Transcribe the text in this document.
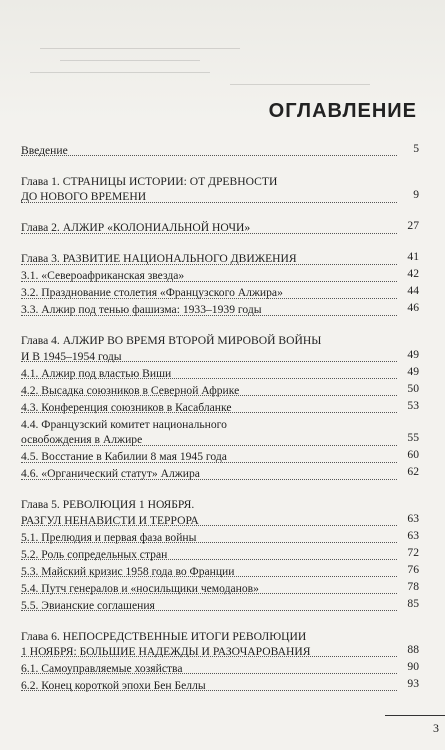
ОГЛАВЛЕНИЕ
Введение	5
Глава 1. СТРАНИЦЫ ИСТОРИИ: ОТ ДРЕВНОСТИ
ДО НОВОГО ВРЕМЕНИ	9
Глава 2. АЛЖИР «КОЛОНИАЛЬНОЙ НОЧИ»	27
Глава 3. РАЗВИТИЕ НАЦИОНАЛЬНОГО ДВИЖЕНИЯ	41
3.1. «Североафриканская звезда»	42
3.2. Празднование столетия «Французского Алжира»	44
3.3. Алжир под тенью фашизма: 1933–1939 годы	46
Глава 4. АЛЖИР ВО ВРЕМЯ ВТОРОЙ МИРОВОЙ ВОЙНЫ
И В 1945–1954 годы	49
4.1. Алжир под властью Виши	49
4.2. Высадка союзников в Северной Африке	50
4.3. Конференция союзников в Касабланке	53
4.4. Французский комитет национального
освобождения в Алжире	55
4.5. Восстание в Кабилии 8 мая 1945 года	60
4.6. «Органический статут» Алжира	62
Глава 5. РЕВОЛЮЦИЯ 1 НОЯБРЯ.
РАЗГУЛ НЕНАВИСТИ И ТЕРРОРА	63
5.1. Прелюдия и первая фаза войны	63
5.2. Роль сопредельных стран	72
5.3. Майский кризис 1958 года во Франции	76
5.4. Путч генералов и «носильщики чемоданов»	78
5.5. Эвианские соглашения	85
Глава 6. НЕПОСРЕДСТВЕННЫЕ ИТОГИ РЕВОЛЮЦИИ
1 НОЯБРЯ: БОЛЬШИЕ НАДЕЖДЫ И РАЗОЧАРОВАНИЯ	88
6.1. Самоуправляемые хозяйства	90
6.2. Конец короткой эпохи Бен Беллы	93
3
